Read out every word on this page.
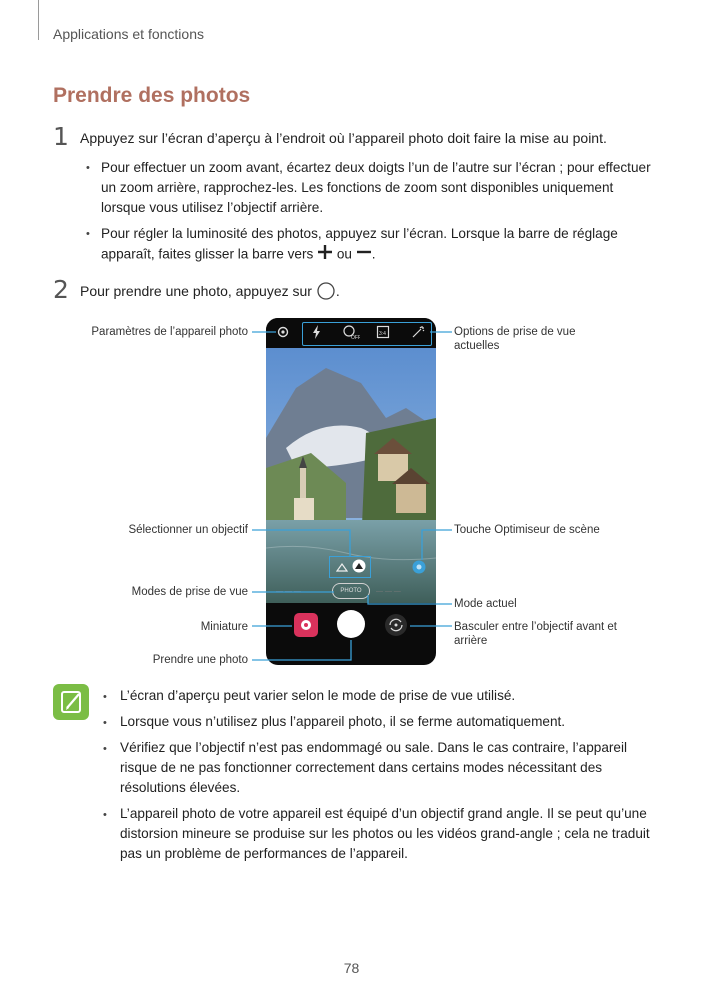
Applications et fonctions
Prendre des photos
1 Appuyez sur l’écran d’aperçu à l’endroit où l’appareil photo doit faire la mise au point.
• Pour effectuer un zoom avant, écartez deux doigts l’un de l’autre sur l’écran ; pour effectuer un zoom arrière, rapprochez-les. Les fonctions de zoom sont disponibles uniquement lorsque vous utilisez l’objectif arrière.
• Pour régler la luminosité des photos, appuyez sur l’écran. Lorsque la barre de réglage
apparaît, faites glisser la barre vers ou .
2 Pour prendre une photo, appuyez sur .
OFF
3:4
— — —	PHOTO	— — —
Paramètres de l’appareil photo	Options de prise de vue
actuelles
Sélectionner un objectif	Touche Optimiseur de scène
Modes de prise de vue
Mode actuel
Miniature	Basculer entre l’objectif avant et
arrière
Prendre une photo
• L’écran d’aperçu peut varier selon le mode de prise de vue utilisé.
• Lorsque vous n’utilisez plus l’appareil photo, il se ferme automatiquement.
• Vérifiez que l’objectif n’est pas endommagé ou sale. Dans le cas contraire, l’appareil risque de ne pas fonctionner correctement dans certains modes nécessitant des résolutions élevées.
• L’appareil photo de votre appareil est équipé d’un objectif grand angle. Il se peut qu’une distorsion mineure se produise sur les photos ou les vidéos grand-angle ; cela ne traduit pas un problème de performances de l’appareil.
78
